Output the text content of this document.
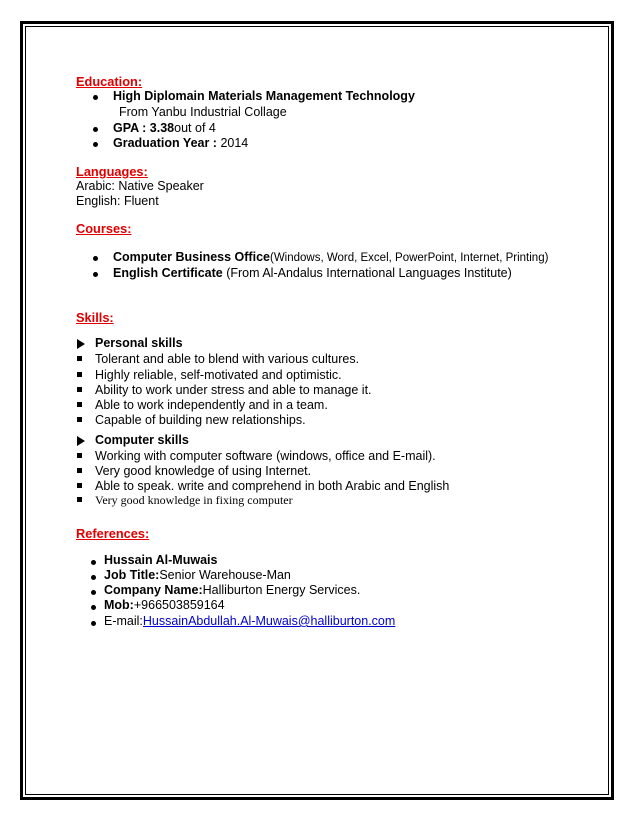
Education:
High Diplomain Materials Management Technology
From Yanbu Industrial Collage
GPA : 3.38out of 4
Graduation Year : 2014
Languages:
Arabic: Native Speaker
English: Fluent
Courses:
Computer Business Office(Windows, Word, Excel, PowerPoint, Internet, Printing)
English Certificate (From Al-Andalus International Languages Institute)
Skills:
Personal skills
Tolerant and able to blend with various cultures.
Highly reliable, self-motivated and optimistic.
Ability to work under stress and able to manage it.
Able to work independently and in a team.
Capable of building new relationships.
Computer skills
Working with computer software (windows, office and E-mail).
Very good knowledge of using Internet.
Able to speak. write and comprehend in both Arabic and English
Very good knowledge in fixing computer
References:
Hussain Al-Muwais
Job Title:Senior Warehouse-Man
Company Name:Halliburton Energy Services.
Mob:+966503859164
E-mail:HussainAbdullah.Al-Muwais@halliburton.com
